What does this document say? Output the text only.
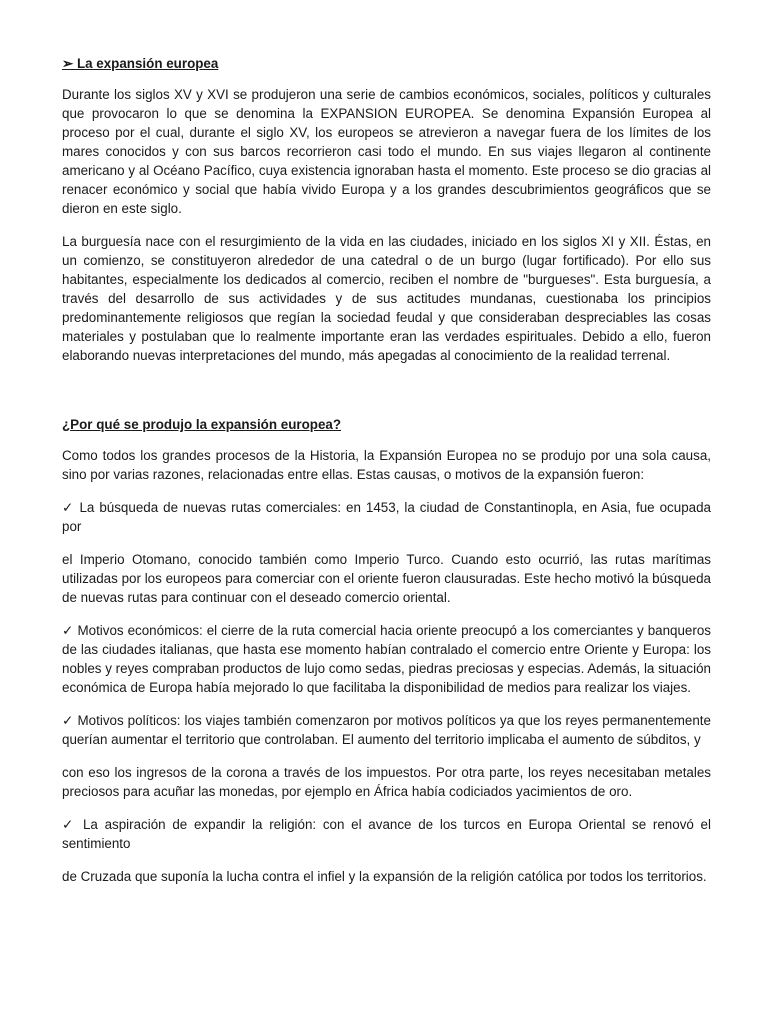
➢ La expansión europea

Durante los siglos XV y XVI se produjeron una serie de cambios económicos, sociales, políticos y culturales que provocaron lo que se denomina la EXPANSION EUROPEA. Se denomina Expansión Europea al proceso por el cual, durante el siglo XV, los europeos se atrevieron a navegar fuera de los límites de los mares conocidos y con sus barcos recorrieron casi todo el mundo. En sus viajes llegaron al continente americano y al Océano Pacífico, cuya existencia ignoraban hasta el momento. Este proceso se dio gracias al renacer económico y social que había vivido Europa y a los grandes descubrimientos geográficos que se dieron en este siglo.

La burguesía nace con el resurgimiento de la vida en las ciudades, iniciado en los siglos XI y XII. Éstas, en un comienzo, se constituyeron alrededor de una catedral o de un burgo (lugar fortificado). Por ello sus habitantes, especialmente los dedicados al comercio, reciben el nombre de "burgueses". Esta burguesía, a través del desarrollo de sus actividades y de sus actitudes mundanas, cuestionaba los principios predominantemente religiosos que regían la sociedad feudal y que consideraban despreciables las cosas materiales y postulaban que lo realmente importante eran las verdades espirituales. Debido a ello, fueron elaborando nuevas interpretaciones del mundo, más apegadas al conocimiento de la realidad terrenal.

¿Por qué se produjo la expansión europea?

Como todos los grandes procesos de la Historia, la Expansión Europea no se produjo por una sola causa, sino por varias razones, relacionadas entre ellas. Estas causas, o motivos de la expansión fueron:

✓ La búsqueda de nuevas rutas comerciales: en 1453, la ciudad de Constantinopla, en Asia, fue ocupada por

el Imperio Otomano, conocido también como Imperio Turco. Cuando esto ocurrió, las rutas marítimas utilizadas por los europeos para comerciar con el oriente fueron clausuradas. Este hecho motivó la búsqueda de nuevas rutas para continuar con el deseado comercio oriental.

✓ Motivos económicos: el cierre de la ruta comercial hacia oriente preocupó a los comerciantes y banqueros de las ciudades italianas, que hasta ese momento habían contralado el comercio entre Oriente y Europa: los nobles y reyes compraban productos de lujo como sedas, piedras preciosas y especias. Además, la situación económica de Europa había mejorado lo que facilitaba la disponibilidad de medios para realizar los viajes.

✓ Motivos políticos: los viajes también comenzaron por motivos políticos ya que los reyes permanentemente querían aumentar el territorio que controlaban. El aumento del territorio implicaba el aumento de súbditos, y

con eso los ingresos de la corona a través de los impuestos. Por otra parte, los reyes necesitaban metales preciosos para acuñar las monedas, por ejemplo en África había codiciados yacimientos de oro.

✓ La aspiración de expandir la religión: con el avance de los turcos en Europa Oriental se renovó el sentimiento

de Cruzada que suponía la lucha contra el infiel y la expansión de la religión católica por todos los territorios.
